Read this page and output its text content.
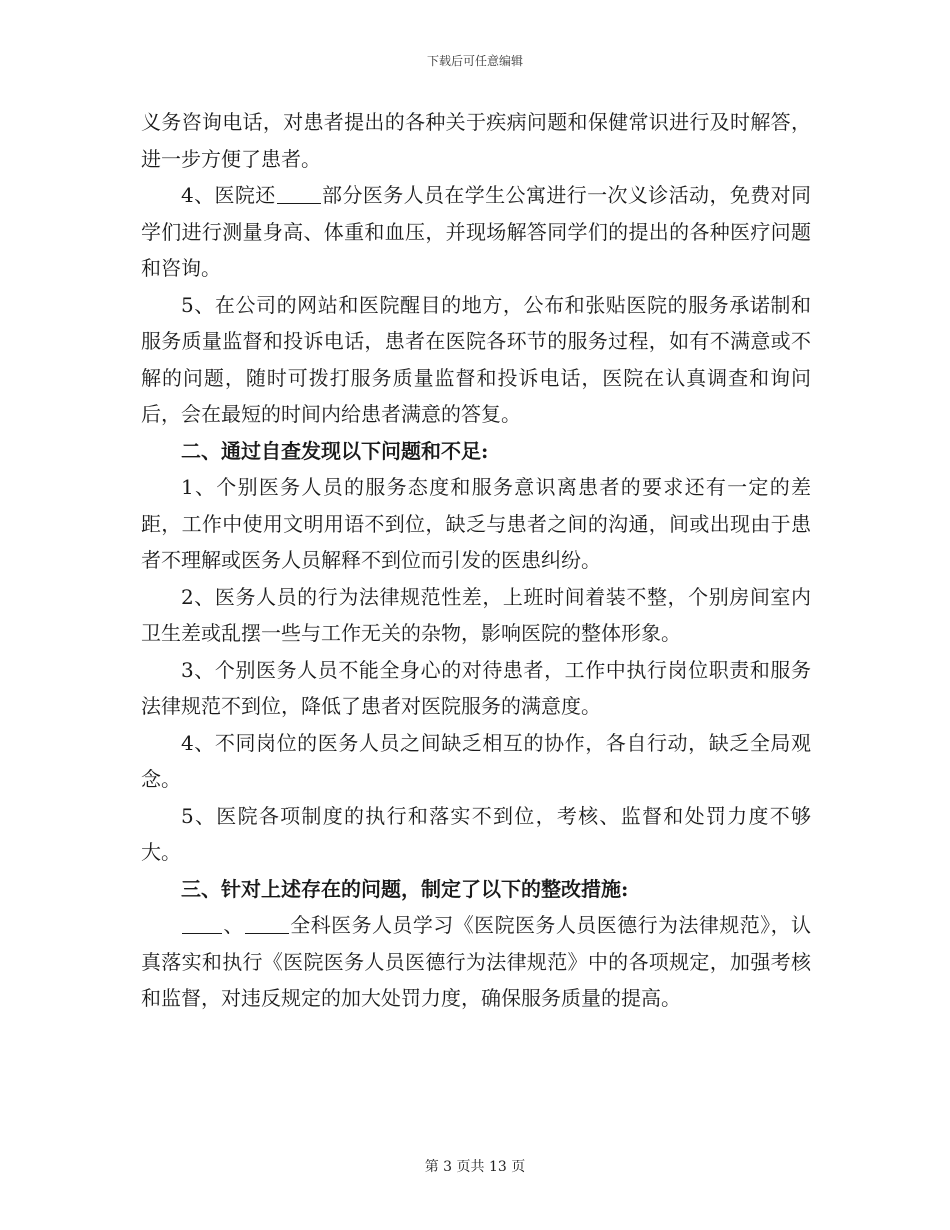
下载后可任意编辑

义务咨询电话，对患者提出的各种关于疾病问题和保健常识进行及时解答，进一步方便了患者。

4、医院还 部分医务人员在学生公寓进行一次义诊活动，免费对同学们进行测量身高、体重和血压，并现场解答同学们的提出的各种医疗问题和咨询。

5、在公司的网站和医院醒目的地方，公布和张贴医院的服务承诺制和服务质量监督和投诉电话，患者在医院各环节的服务过程，如有不满意或不解的问题，随时可拨打服务质量监督和投诉电话，医院在认真调查和询问后，会在最短的时间内给患者满意的答复。

二、通过自查发现以下问题和不足:

1、个别医务人员的服务态度和服务意识离患者的要求还有一定的差距，工作中使用文明用语不到位，缺乏与患者之间的沟通，间或出现由于患者不理解或医务人员解释不到位而引发的医患纠纷。

2、医务人员的行为法律规范性差，上班时间着装不整，个别房间室内卫生差或乱摆一些与工作无关的杂物，影响医院的整体形象。

3、个别医务人员不能全身心的对待患者，工作中执行岗位职责和服务法律规范不到位，降低了患者对医院服务的满意度。

4、不同岗位的医务人员之间缺乏相互的协作，各自行动，缺乏全局观念。

5、医院各项制度的执行和落实不到位，考核、监督和处罚力度不够大。

三、针对上述存在的问题，制定了以下的整改措施:

、 全科医务人员学习《医院医务人员医德行为法律规范》，认真落实和执行《医院医务人员医德行为法律规范》中的各项规定，加强考核和监督，对违反规定的加大处罚力度，确保服务质量的提高。

第 3 页共 13 页
